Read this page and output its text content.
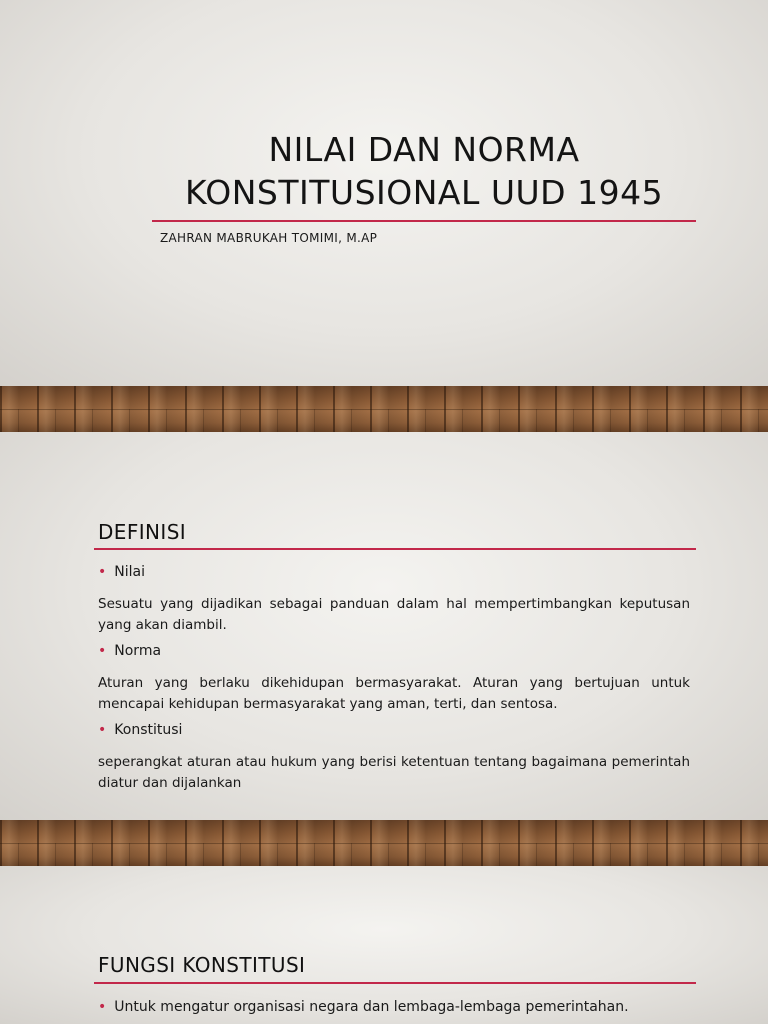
NILAI DAN NORMA
KONSTITUSIONAL UUD 1945
ZAHRAN MABRUKAH TOMIMI, M.AP
DEFINISI
• Nilai
Sesuatu yang dijadikan sebagai panduan dalam hal mempertimbangkan keputusan yang akan diambil.
• Norma
Aturan yang berlaku dikehidupan bermasyarakat. Aturan yang bertujuan untuk mencapai kehidupan bermasyarakat yang aman, terti, dan sentosa.
• Konstitusi
seperangkat aturan atau hukum yang berisi ketentuan tentang bagaimana pemerintah diatur dan dijalankan
FUNGSI KONSTITUSI
• Untuk mengatur organisasi negara dan lembaga-lembaga pemerintahan.
